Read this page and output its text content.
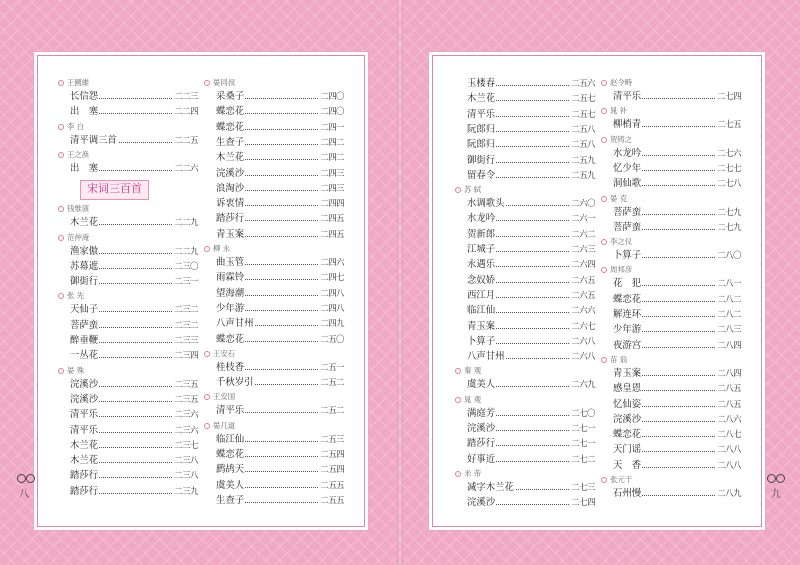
王國維
长信怨	二二三
出　塞	二二四
李 白
清平调三首	二二五
王之涣
出　塞	二二六
宋词三百首
钱惟演
木兰花	二二九
范仲淹
渔家傲	二二九
苏幕遮	二三〇
御街行	二三一
张 先
天仙子	二三二
菩萨蛮	二三二
醉垂鞭	二三三
一丛花	二三四
晏 殊
浣溪沙	二三五
浣溪沙	二三五
清平乐	二三六
清平乐	二三六
木兰花	二三七
木兰花	二三八
踏莎行	二三八
踏莎行	二三九
晏同叔
采桑子	二四〇
蝶恋花	二四〇
蝶恋花	二四一
生查子	二四二
木兰花	二四二
浣溪沙	二四三
浪淘沙	二四三
诉衷情	二四四
踏莎行	二四五
青玉案	二四五
柳 永
曲玉管	二四六
雨霖铃	二四七
望海潮	二四八
少年游	二四八
八声甘州	二四九
蝶恋花	二五〇
王安石
桂枝香	二五一
千秋岁引	二五二
王安国
清平乐	二五二
晏几道
临江仙	二五三
蝶恋花	二五四
鹧鸪天	二五四
虞美人	二五五
生查子	二五五
玉楼春	二五六
木兰花	二五七
清平乐	二五七
阮郎归	二五八
阮郎归	二五八
御街行	二五九
留春令	二五九
苏 轼
水调歌头	二六〇
水龙吟	二六一
贺新郎	二六二
江城子	二六三
永遇乐	二六四
念奴娇	二六五
西江月	二六五
临江仙	二六六
青玉案	二六七
卜算子	二六八
八声甘州	二六八
秦 观
虞美人	二六九
晁 观
满庭芳	二七〇
浣溪沙	二七一
踏莎行	二七一
好事近	二七二
米 芾
减字木兰花	二七三
浣溪沙	二七四
赵令畤
清平乐	二七四
晁 补
柳梢青	二七五
贺铸之
水龙吟	二七六
忆少年	二七七
洞仙歌	二七八
晏 克
菩萨蛮	二七九
菩萨蛮	二七九
李之仪
卜算子	二八〇
周邦彦
花　犯	二八一
蝶恋花	二八二
解连环	二八二
少年游	二八三
夜游宫	二八四
苗 翁
青玉案	二八四
感皇恩	二八五
忆仙姿	二八五
浣溪沙	二八六
蝶恋花	二八七
天门谣	二八八
天　香	二八八
张元干
石州慢	二八九
八	九
